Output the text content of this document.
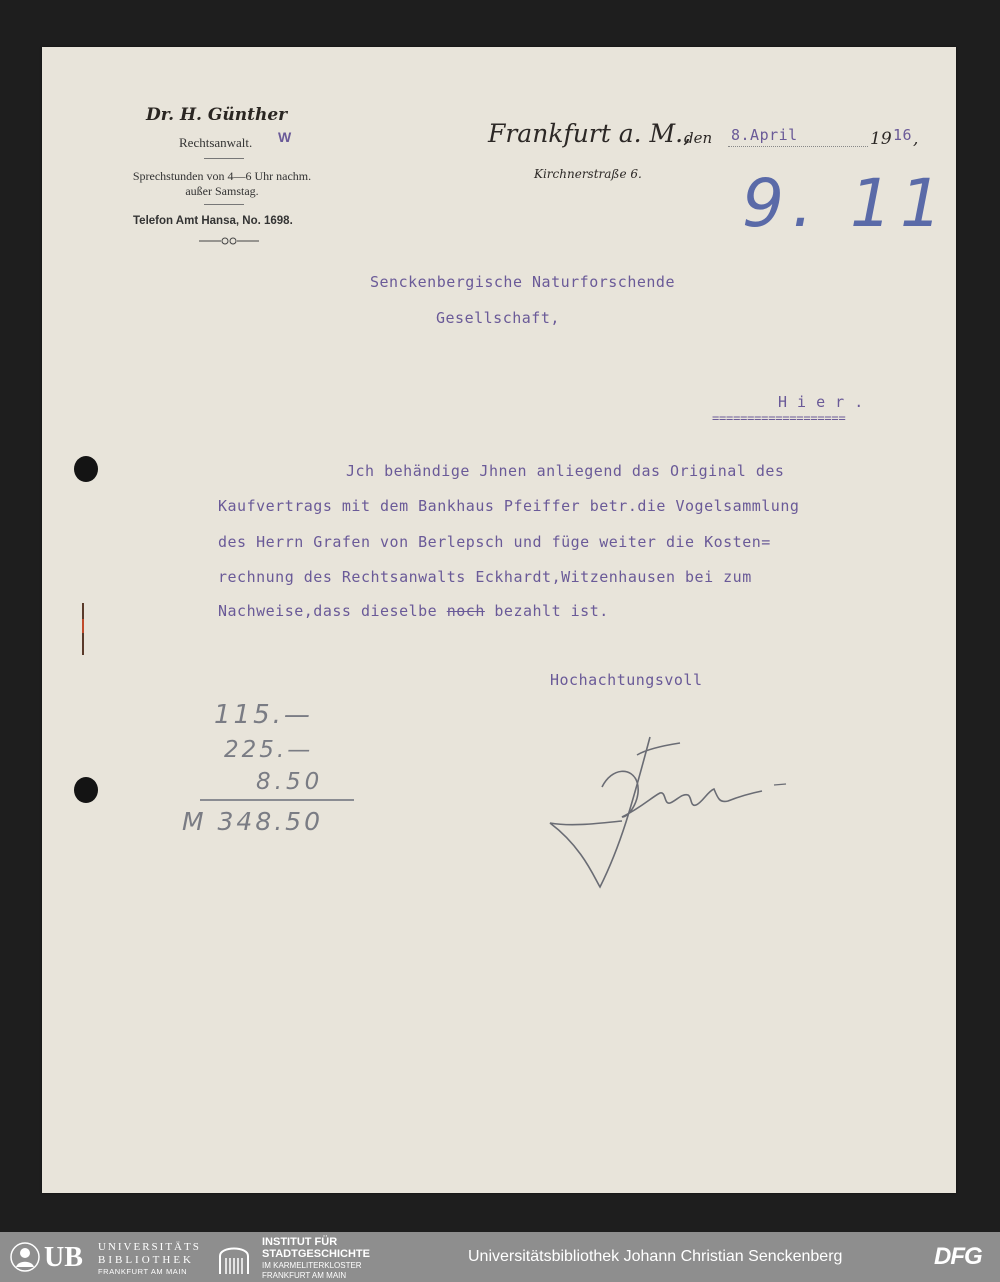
Dr. H. Günther
Rechtsanwalt. W
Sprechstunden von 4—6 Uhr nachm.
außer Samstag.
Telefon Amt Hansa, No. 1698.
Frankfurt a. M.,
den 8.April	19 16 ,
Kirchnerstraße 6. 9. 11
Senckenbergische Naturforschende
Gesellschaft,
H i e r .
===================
Jch behändige Jhnen anliegend das Original des
Kaufvertrags mit dem Bankhaus Pfeiffer betr.die Vogelsammlung
des Herrn Grafen von Berlepsch und füge weiter die Kosten=
rechnung des Rechtsanwalts Eckhardt,Witzenhausen bei zum
Nachweise,dass dieselbe noch bezahlt ist.
Hochachtungsvoll
115.—
225.—
8.50
M 348.50
UB UNIVERSITÄTS
BIBLIOTHEK
FRANKFURT AM MAIN
INSTITUT FÜR
STADTGESCHICHTE
IM KARMELITERKLOSTER
FRANKFURT AM MAIN
Universitätsbibliothek Johann Christian Senckenberg	DFG
